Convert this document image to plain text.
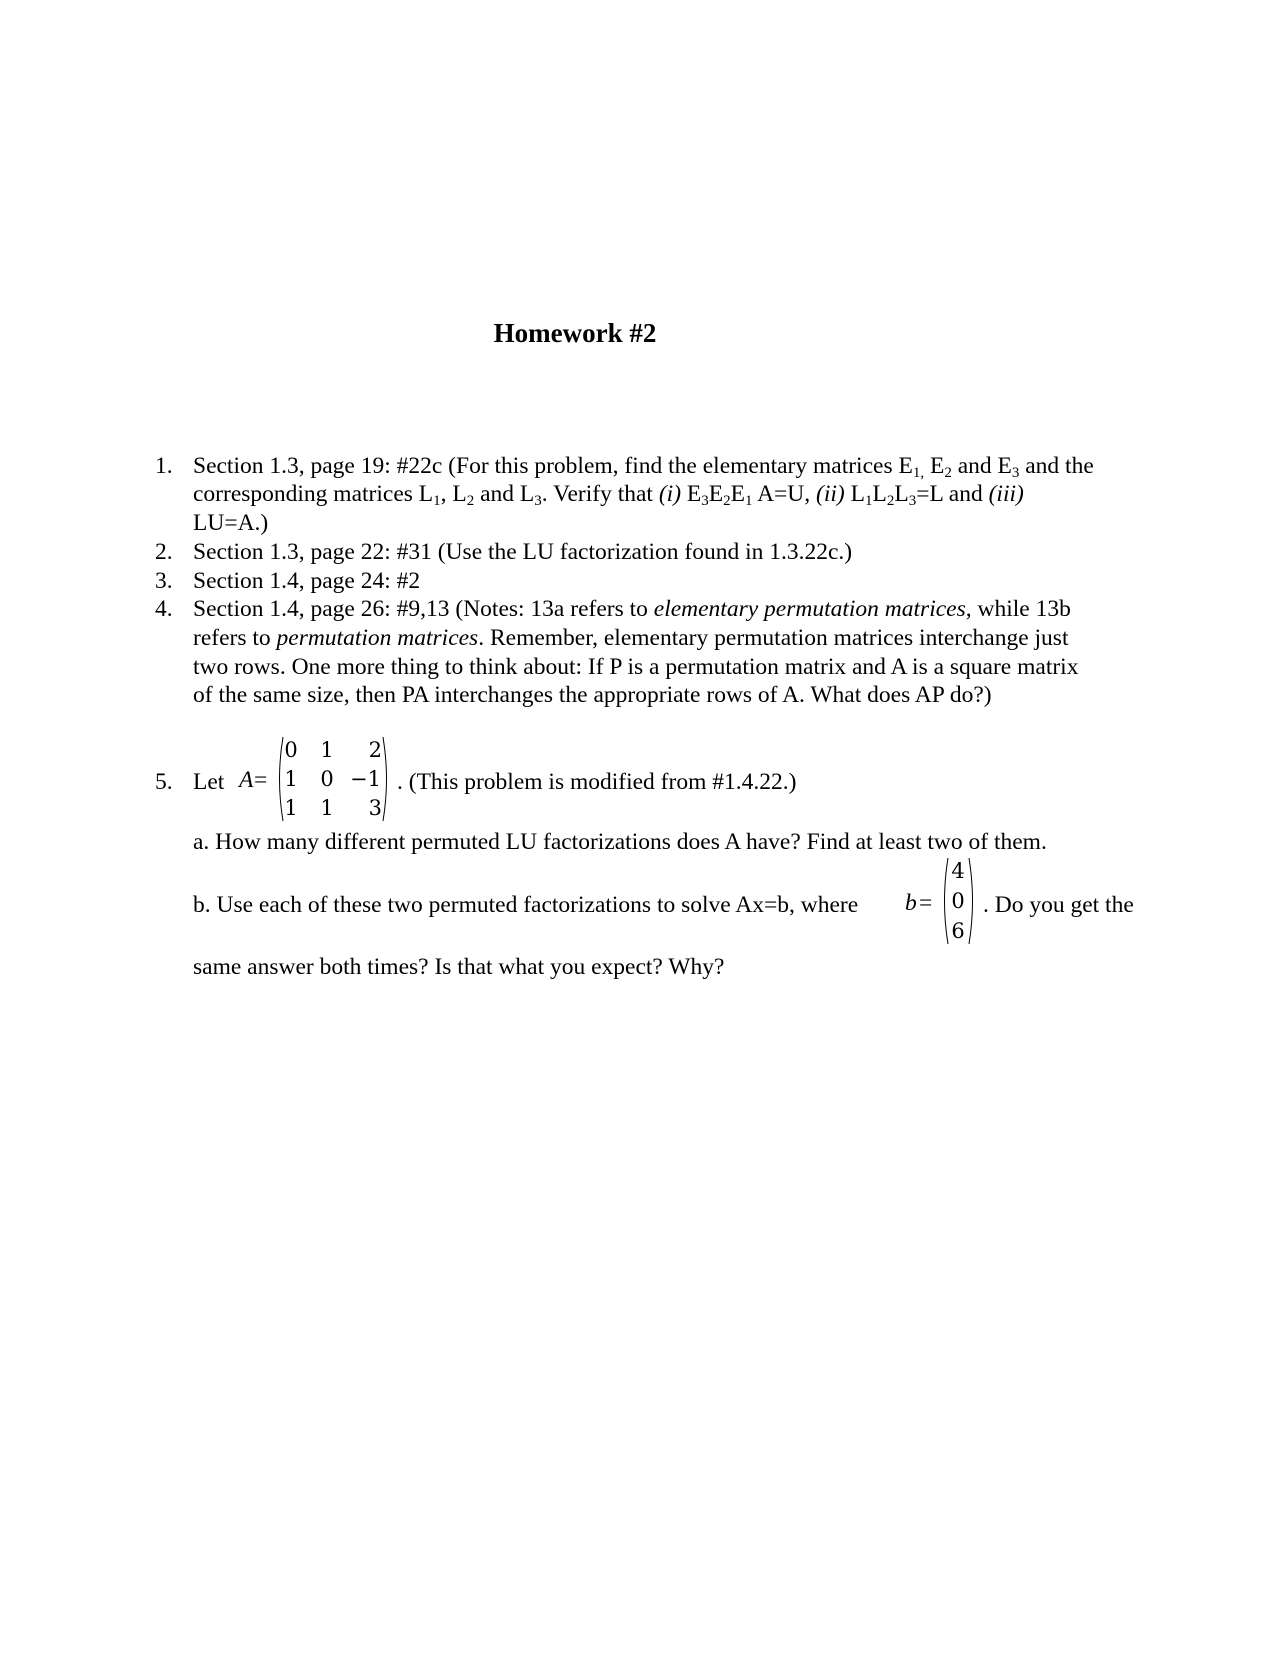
Homework #2
1. Section 1.3, page 19: #22c (For this problem, find the elementary matrices $E_{1,}$ $E_2$ and $E_3$ and the
corresponding matrices $L_1$, $L_2$ and $L_3$. Verify that (i) $E_3E_2E_1$ A=U, (ii) $L_1L_2L_3=L$ and (iii)
LU=A.)
2. Section 1.3, page 22: #31 (Use the LU factorization found in 1.3.22c.)
3. Section 1.4, page 24: #2
4. Section 1.4, page 26: #9,13 (Notes: 13a refers to elementary permutation matrices, while 13b
refers to permutation matrices. Remember, elementary permutation matrices interchange just
two rows. One more thing to think about: If P is a permutation matrix and A is a square matrix
of the same size, then PA interchanges the appropriate rows of A. What does AP do?)
5. Let A =
0	1	2
1	0 −1
1	1	3
. (This problem is modified from #1.4.22.)
a. How many different permuted LU factorizations does A have? Find at least two of them.
b. Use each of these two permuted factorizations to solve Ax=b, where b =
4
0
6
. Do you get the
same answer both times? Is that what you expect? Why?
